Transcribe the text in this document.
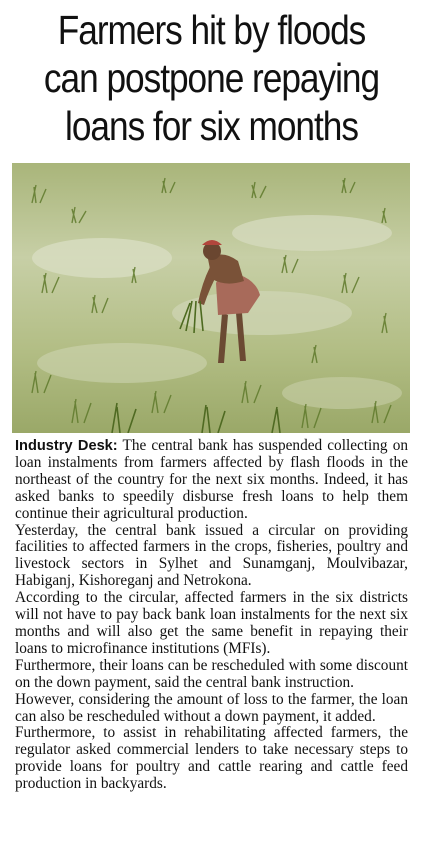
Farmers hit by floods
can postpone repaying
loans for six months

Industry Desk: The central bank has suspended collecting on loan instalments from farmers affected by flash floods in the northeast of the country for the next six months. Indeed, it has asked banks to speedily disburse fresh loans to help them continue their agricultural production.

Yesterday, the central bank issued a circular on providing facilities to affected farmers in the crops, fisheries, poultry and livestock sectors in Sylhet and Sunamganj, Moulvibazar, Habiganj, Kishoreganj and Netrokona.

According to the circular, affected farmers in the six districts will not have to pay back bank loan instalments for the next six months and will also get the same benefit in repaying their loans to microfinance institutions (MFIs).

Furthermore, their loans can be rescheduled with some discount on the down payment, said the central bank instruction.

However, considering the amount of loss to the farmer, the loan can also be rescheduled without a down payment, it added.

Furthermore, to assist in rehabilitating affected farmers, the regulator asked commercial lenders to take necessary steps to provide loans for poultry and cattle rearing and cattle feed production in backyards.
